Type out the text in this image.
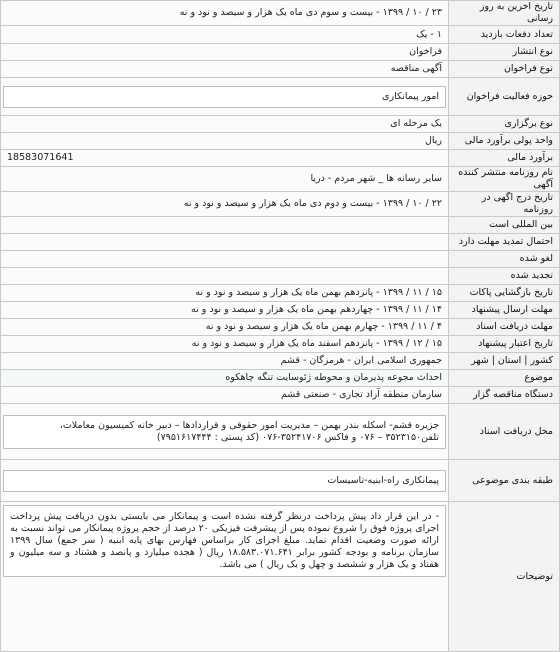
تاریخ آخرین به روز رسانی	۲۳ / ۱۰ / ۱۳۹۹ - بیست و سوم دی ماه یک هزار و سیصد و نود و نه
تعداد دفعات بازدید	۱ - یک
نوع انتشار	فراخوان
نوع فراخوان	آگهی مناقصه
حوزه فعالیت فراخوان	امور پیمانکاری

نوع برگزاری	یک مرحله ای
واحد پولی برآورد مالی	ریال
برآورد مالی	18583071641

نام روزنامه منتشر کننده آگهی	سایر رسانه ها _ شهر مردم - دریا
تاریخ درج آگهی در روزنامه	۲۲ / ۱۰ / ۱۳۹۹ - بیست و دوم دی ماه یک هزار و سیصد و نود و نه
بین المللی است	
احتمال تمدید مهلت دارد	
لغو شده	
تجدید شده	
تاریخ بازگشایی پاکات	۱۵ / ۱۱ / ۱۳۹۹ - پانزدهم بهمن ماه یک هزار و سیصد و نود و نه
مهلت ارسال پیشنهاد	۱۴ / ۱۱ / ۱۳۹۹ - چهاردهم بهمن ماه یک هزار و سیصد و نود و نه
مهلت دریافت اسناد	۴ / ۱۱ / ۱۳۹۹ - چهارم بهمن ماه یک هزار و سیصد و نود و نه
تاریخ اعتبار پیشنهاد	۱۵ / ۱۲ / ۱۳۹۹ - پانزدهم اسفند ماه یک هزار و سیصد و نود و نه
کشور | استان | شهر	جمهوری اسلامی ایران - هرمزگان - قشم
موضوع	احداث مجوعه پذیرمان و محوطه ژئوسایت تنگه چاهکوه
دستگاه مناقصه گزار	سازمان منطقه آزاد تجاری - صنعتی قشم
محل دریافت اسناد	جزیره قشم- اسکله بندر بهمن – مدیریت امور حقوقی و قراردادها – دبیر خانه کمیسیون معاملات، تلفن۳۵۲۳۱۵۰ – ۰۷۶ و فاکس ۳۵۲۴۱۷۰۶-۰۷۶ (کد پستی : ۷۹۵۱۶۱۷۴۴۴)

طبقه بندی موضوعی	پیمانکاری راه-ابنیه-تاسیسات

توضیحات	- در این قرار داد پیش پرداخت درنظر گرفته نشده است و پیمانکار می بایستی بدون دریافت پیش پرداخت اجرای پروژه فوق را شروع نموده پس از پیشرفت فیزیکی ۲۰ درصد از حجم پروژه پیمانکار می تواند نسبت به ارائه صورت وضعیت اقدام نماید. مبلغ اجرای کار براساس فهارس بهای پایه ابنیه ( سر جمع) سال ۱۳۹۹ سازمان برنامه و بودجه کشور برابر ۱۸.۵۸۳.۰۷۱.۶۴۱ ریال ( هجده میلیارد و پانصد و هشتاد و سه میلیون و هفتاد و یک هزار و ششصد و چهل و یک ریال ) می باشد.
